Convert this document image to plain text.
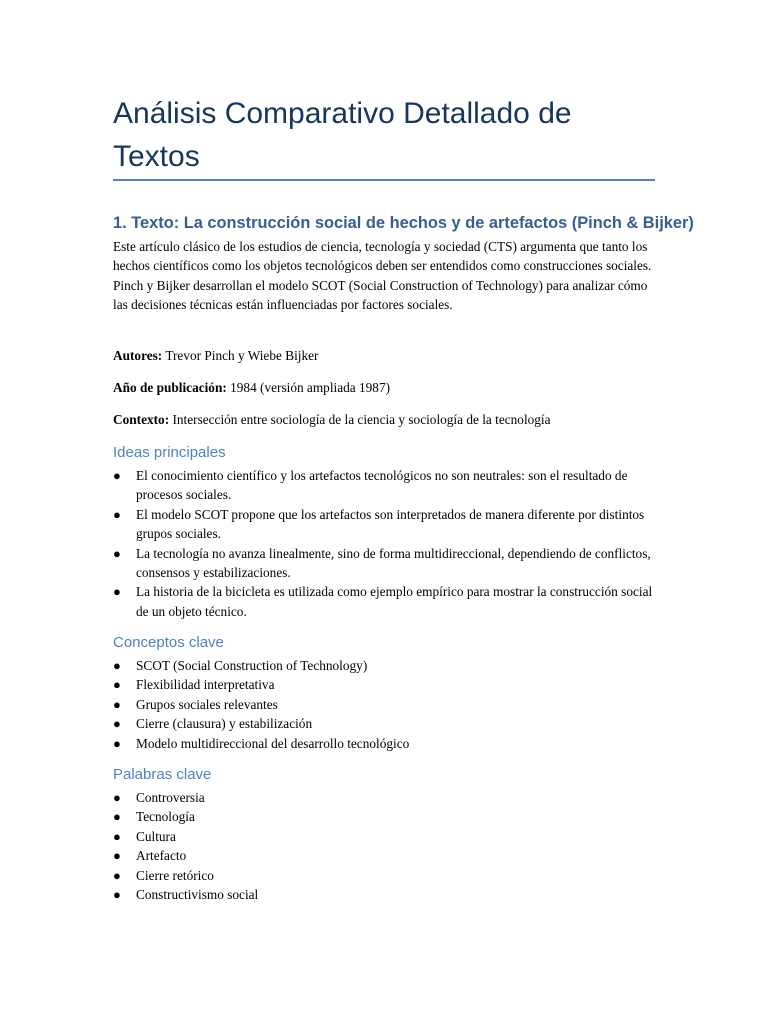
Análisis Comparativo Detallado de Textos
1. Texto: La construcción social de hechos y de artefactos (Pinch & Bijker)

Este artículo clásico de los estudios de ciencia, tecnología y sociedad (CTS) argumenta que tanto los hechos científicos como los objetos tecnológicos deben ser entendidos como construcciones sociales. Pinch y Bijker desarrollan el modelo SCOT (Social Construction of Technology) para analizar cómo las decisiones técnicas están influenciadas por factores sociales.

Autores: Trevor Pinch y Wiebe Bijker

Año de publicación: 1984 (versión ampliada 1987)

Contexto: Intersección entre sociología de la ciencia y sociología de la tecnología

Ideas principales
● El conocimiento científico y los artefactos tecnológicos no son neutrales: son el resultado de procesos sociales.
● El modelo SCOT propone que los artefactos son interpretados de manera diferente por distintos grupos sociales.
● La tecnología no avanza linealmente, sino de forma multidireccional, dependiendo de conflictos, consensos y estabilizaciones.
● La historia de la bicicleta es utilizada como ejemplo empírico para mostrar la construcción social de un objeto técnico.
Conceptos clave
● SCOT (Social Construction of Technology)
● Flexibilidad interpretativa
● Grupos sociales relevantes
● Cierre (clausura) y estabilización
● Modelo multidireccional del desarrollo tecnológico
Palabras clave
● Controversia
● Tecnología
● Cultura
● Artefacto
● Cierre retórico
● Constructivismo social
